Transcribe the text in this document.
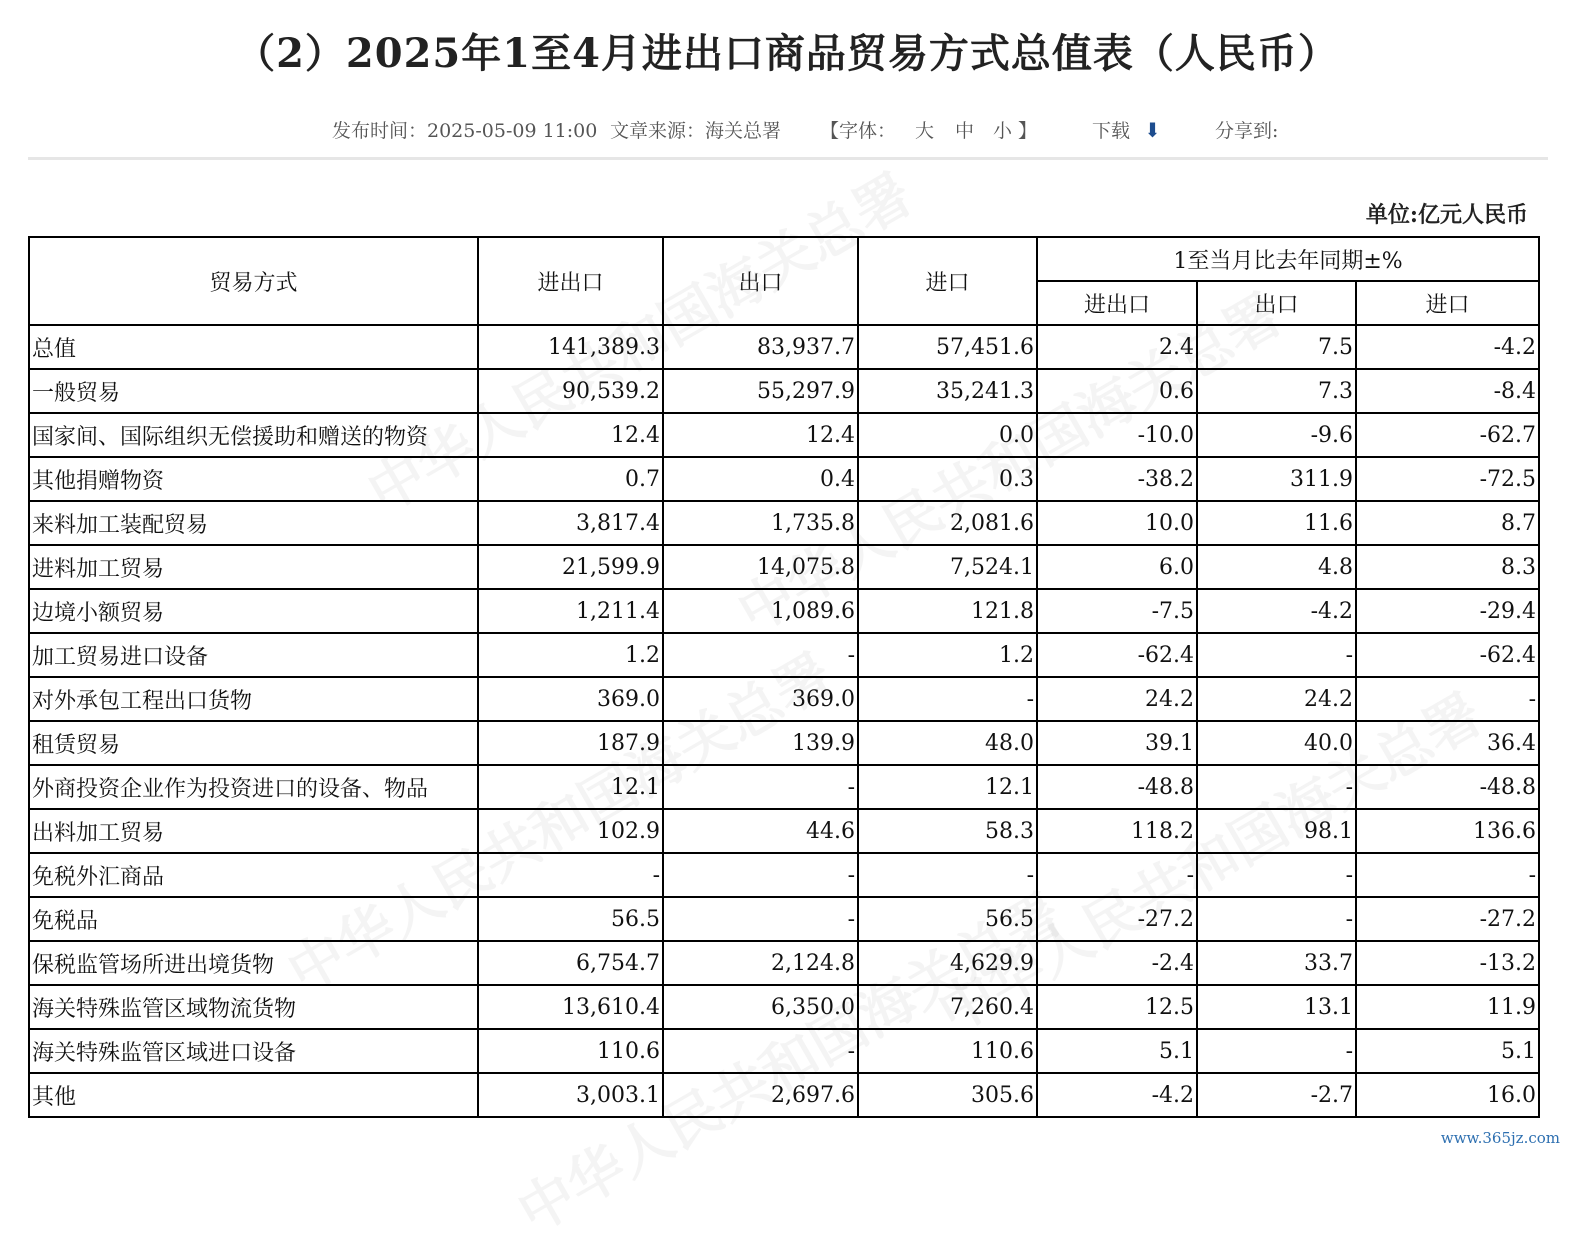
（2）2025年1至4月进出口商品贸易方式总值表（人民币）
发布时间：2025-05-09 11:00 文章来源：海关总署 【字体： 大 中 小 】	下载 ⬇	分享到:
单位:亿元人民币
贸易方式	进出口	出口	进口	1至当月比去年同期±%		
				进出口	出口	进口
总值	141,389.3	83,937.7	57,451.6	2.4	7.5	-4.2
一般贸易	90,539.2	55,297.9	35,241.3	0.6	7.3	-8.4
国家间、国际组织无偿援助和赠送的物资	12.4	12.4	0.0	-10.0	-9.6	-62.7
其他捐赠物资	0.7	0.4	0.3	-38.2	311.9	-72.5
来料加工装配贸易	3,817.4	1,735.8	2,081.6	10.0	11.6	8.7
进料加工贸易	21,599.9	14,075.8	7,524.1	6.0	4.8	8.3
边境小额贸易	1,211.4	1,089.6	121.8	-7.5	-4.2	-29.4
加工贸易进口设备	1.2	-	1.2	-62.4	-	-62.4
对外承包工程出口货物	369.0	369.0	-	24.2	24.2	-
租赁贸易	187.9	139.9	48.0	39.1	40.0	36.4
外商投资企业作为投资进口的设备、物品	12.1	-	12.1	-48.8	-	-48.8
出料加工贸易	102.9	44.6	58.3	118.2	98.1	136.6
免税外汇商品	-	-	-	-	-	-
免税品	56.5	-	56.5	-27.2	-	-27.2
保税监管场所进出境货物	6,754.7	2,124.8	4,629.9	-2.4	33.7	-13.2
海关特殊监管区域物流货物	13,610.4	6,350.0	7,260.4	12.5	13.1	11.9
海关特殊监管区域进口设备	110.6	-	110.6	5.1	-	5.1
其他	3,003.1	2,697.6	305.6	-4.2	-2.7	16.0
www.365jz.com
